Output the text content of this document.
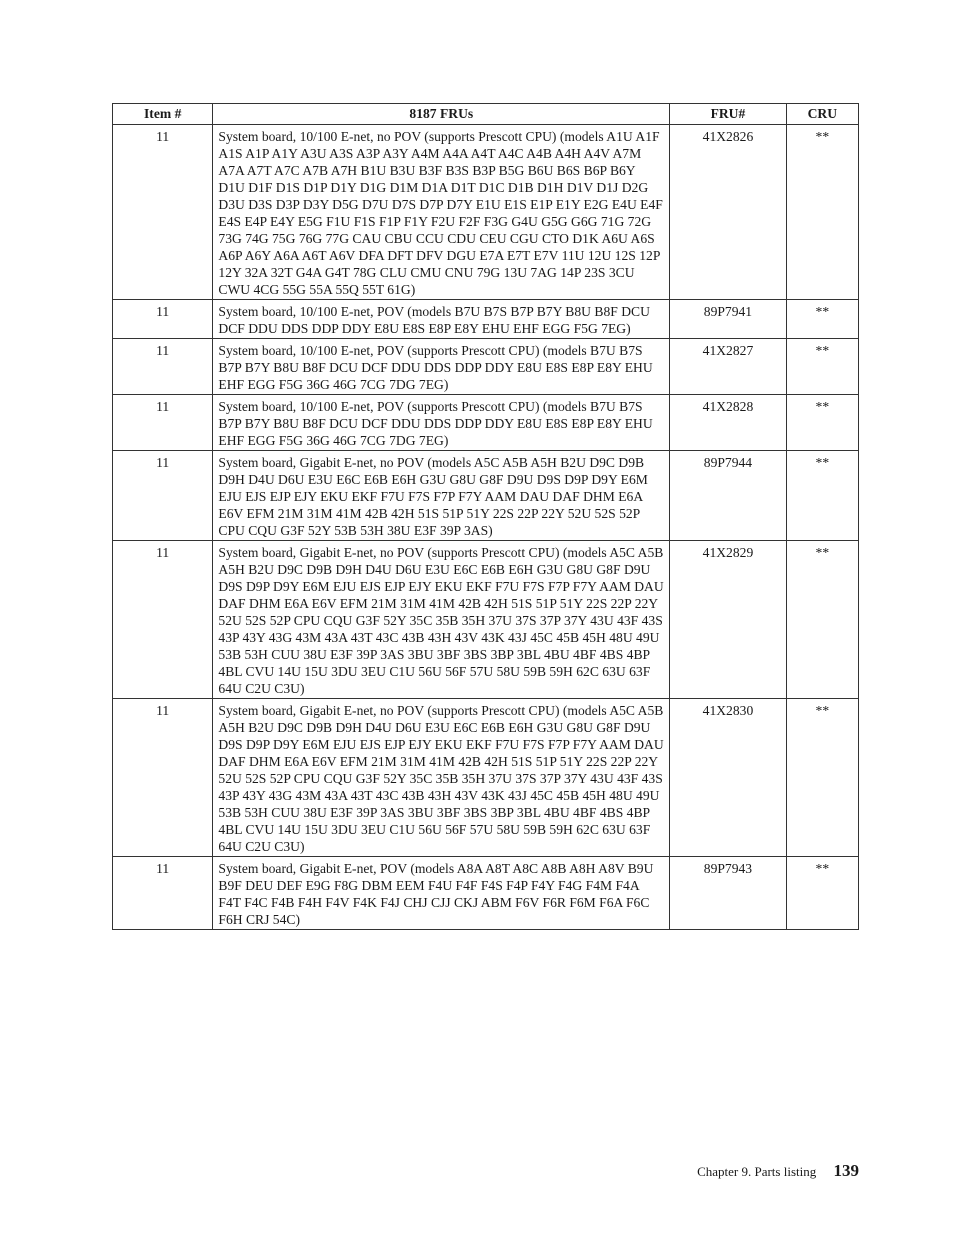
Item #	8187 FRUs	FRU#	CRU
11	System board, 10/100 E-net, no POV (supports Prescott CPU) (models A1U A1F A1S A1P A1Y A3U A3S A3P A3Y A4M A4A A4T A4C A4B A4H A4V A7M A7A A7T A7C A7B A7H B1U B3U B3F B3S B3P B5G B6U B6S B6P B6Y D1U D1F D1S D1P D1Y D1G D1M D1A D1T D1C D1B D1H D1V D1J D2G D3U D3S D3P D3Y D5G D7U D7S D7P D7Y E1U E1S E1P E1Y E2G E4U E4F E4S E4P E4Y E5G F1U F1S F1P F1Y F2U F2F F3G G4U G5G G6G 71G 72G 73G 74G 75G 76G 77G CAU CBU CCU CDU CEU CGU CTO D1K A6U A6S A6P A6Y A6A A6T A6V DFA DFT DFV DGU E7A E7T E7V 11U 12U 12S 12P 12Y 32A 32T G4A G4T 78G CLU CMU CNU 79G 13U 7AG 14P 23S 3CU CWU 4CG 55G 55A 55Q 55T 61G)	41X2826	**
11	System board, 10/100 E-net, POV (models B7U B7S B7P B7Y B8U B8F DCU DCF DDU DDS DDP DDY E8U E8S E8P E8Y EHU EHF EGG F5G 7EG)	89P7941	**
11	System board, 10/100 E-net, POV (supports Prescott CPU) (models B7U B7S B7P B7Y B8U B8F DCU DCF DDU DDS DDP DDY E8U E8S E8P E8Y EHU EHF EGG F5G 36G 46G 7CG 7DG 7EG)	41X2827	**
11	System board, 10/100 E-net, POV (supports Prescott CPU) (models B7U B7S B7P B7Y B8U B8F DCU DCF DDU DDS DDP DDY E8U E8S E8P E8Y EHU EHF EGG F5G 36G 46G 7CG 7DG 7EG)	41X2828	**
11	System board, Gigabit E-net, no POV (models A5C A5B A5H B2U D9C D9B D9H D4U D6U E3U E6C E6B E6H G3U G8U G8F D9U D9S D9P D9Y E6M EJU EJS EJP EJY EKU EKF F7U F7S F7P F7Y AAM DAU DAF DHM E6A E6V EFM 21M 31M 41M 42B 42H 51S 51P 51Y 22S 22P 22Y 52U 52S 52P CPU CQU G3F 52Y 53B 53H 38U E3F 39P 3AS)	89P7944	**
11	System board, Gigabit E-net, no POV (supports Prescott CPU) (models A5C A5B A5H B2U D9C D9B D9H D4U D6U E3U E6C E6B E6H G3U G8U G8F D9U D9S D9P D9Y E6M EJU EJS EJP EJY EKU EKF F7U F7S F7P F7Y AAM DAU DAF DHM E6A E6V EFM 21M 31M 41M 42B 42H 51S 51P 51Y 22S 22P 22Y 52U 52S 52P CPU CQU G3F 52Y 35C 35B 35H 37U 37S 37P 37Y 43U 43F 43S 43P 43Y 43G 43M 43A 43T 43C 43B 43H 43V 43K 43J 45C 45B 45H 48U 49U 53B 53H CUU 38U E3F 39P 3AS 3BU 3BF 3BS 3BP 3BL 4BU 4BF 4BS 4BP 4BL CVU 14U 15U 3DU 3EU C1U 56U 56F 57U 58U 59B 59H 62C 63U 63F 64U C2U C3U)	41X2829	**
11	System board, Gigabit E-net, no POV (supports Prescott CPU) (models A5C A5B A5H B2U D9C D9B D9H D4U D6U E3U E6C E6B E6H G3U G8U G8F D9U D9S D9P D9Y E6M EJU EJS EJP EJY EKU EKF F7U F7S F7P F7Y AAM DAU DAF DHM E6A E6V EFM 21M 31M 41M 42B 42H 51S 51P 51Y 22S 22P 22Y 52U 52S 52P CPU CQU G3F 52Y 35C 35B 35H 37U 37S 37P 37Y 43U 43F 43S 43P 43Y 43G 43M 43A 43T 43C 43B 43H 43V 43K 43J 45C 45B 45H 48U 49U 53B 53H CUU 38U E3F 39P 3AS 3BU 3BF 3BS 3BP 3BL 4BU 4BF 4BS 4BP 4BL CVU 14U 15U 3DU 3EU C1U 56U 56F 57U 58U 59B 59H 62C 63U 63F 64U C2U C3U)	41X2830	**
11	System board, Gigabit E-net, POV (models A8A A8T A8C A8B A8H A8V B9U B9F DEU DEF E9G F8G DBM EEM F4U F4F F4S F4P F4Y F4G F4M F4A F4T F4C F4B F4H F4V F4K F4J CHJ CJJ CKJ ABM F6V F6R F6M F6A F6C F6H CRJ 54C)	89P7943	**
Chapter 9. Parts listing 139
